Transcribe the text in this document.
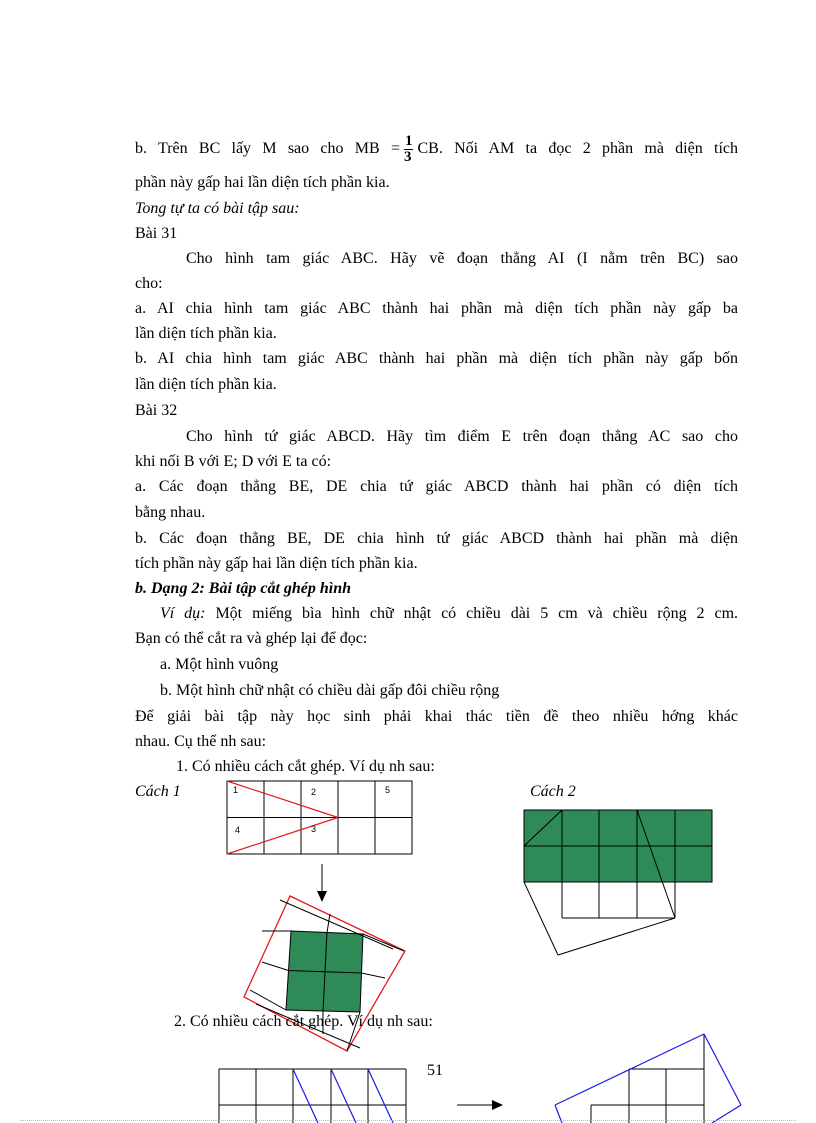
b. Trên BC lấy M sao cho MB = $\frac{1}{3}$ CB. Nối AM ta đọc 2 phần mà diện tích
phần này gấp hai lần diện tích phần kia.
Tong tự ta có bài tập sau:
Bài 31
Cho hình tam giác ABC. Hãy vẽ đoạn thẳng AI (I nằm trên BC) sao
cho:
a. AI chia hình tam giác ABC thành hai phần mà diện tích phần này gấp ba
lần diện tích phần kia.
b. AI chia hình tam giác ABC thành hai phần mà diện tích phần này gấp bốn
lần diện tích phần kia.
Bài 32
Cho hình tứ giác ABCD. Hãy tìm điểm E trên đoạn thẳng AC sao cho
khi nối B với E; D với E ta có:
a. Các đoạn thẳng BE, DE chia tứ giác ABCD thành hai phần có diện tích
bằng nhau.
b. Các đoạn thẳng BE, DE chia hình tứ giác ABCD thành hai phần mà diện
tích phần này gấp hai lần diện tích phần kia.
b. Dạng 2: Bài tập cắt ghép hình
Ví dụ: Một miếng bìa hình chữ nhật có chiều dài 5 cm và chiều rộng 2 cm.
Bạn có thể cắt ra và ghép lại để đọc:
a. Một hình vuông
b. Một hình chữ nhật có chiều dài gấp đôi chiều rộng
Để giải bài tập này học sinh phải khai thác tiền đề theo nhiều hớng khác
nhau. Cụ thể nh sau:
1. Có nhiều cách cắt ghép. Ví dụ nh sau:
Cách 1	Cách 2
1	2	5
4	3
2. Có nhiều cách cắt ghép. Ví dụ nh sau:
51
